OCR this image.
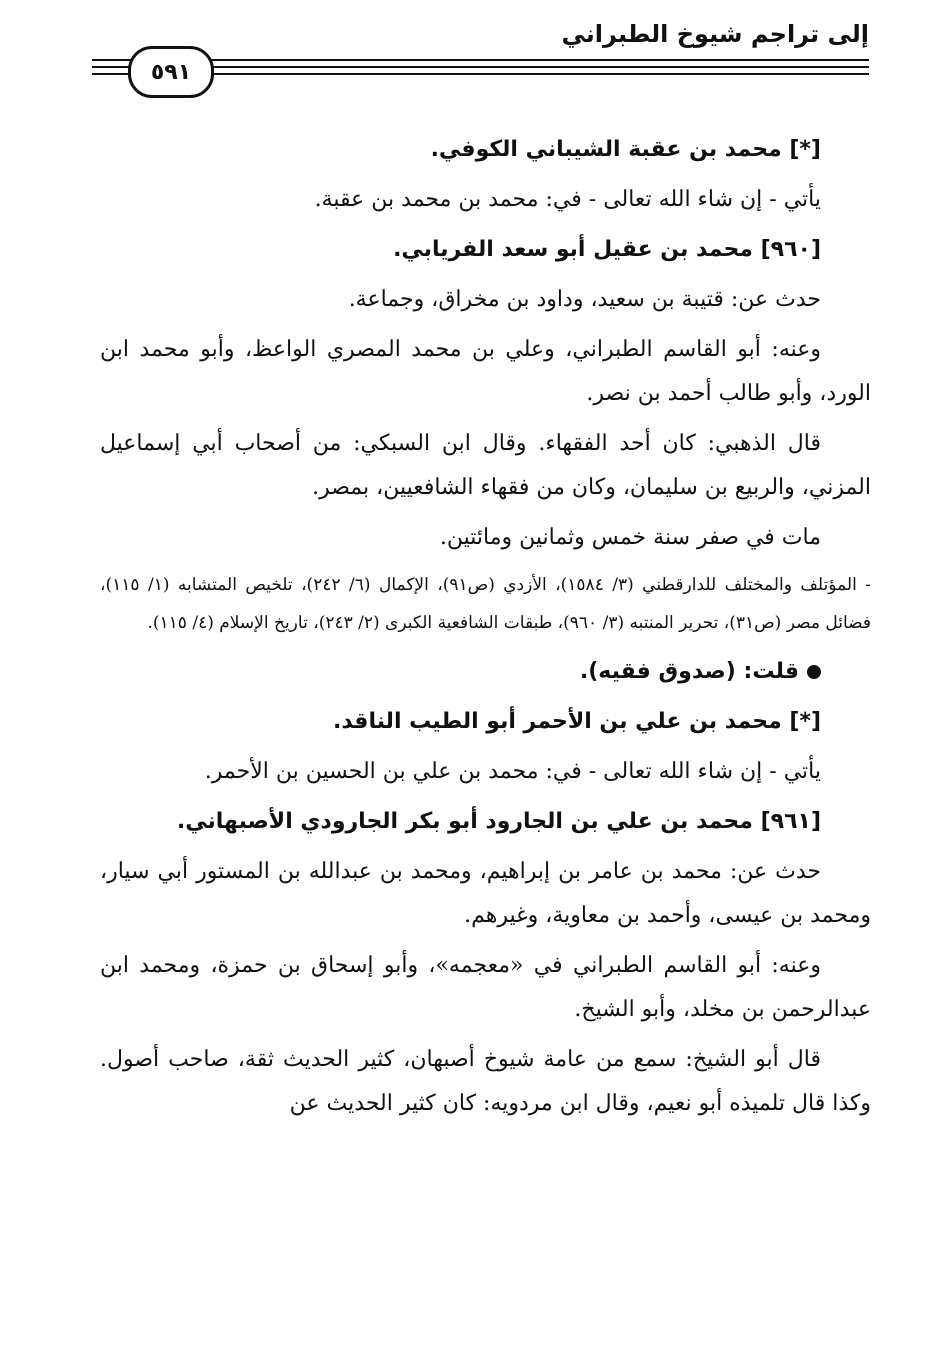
إلى تراجم شيوخ الطبراني
٥٩١

[*] محمد بن عقبة الشيباني الكوفي.

يأتي - إن شاء الله تعالى - في: محمد بن محمد بن عقبة.

[٩٦٠] محمد بن عقيل أبو سعد الفريابي.

حدث عن: قتيبة بن سعيد، وداود بن مخراق، وجماعة.

وعنه: أبو القاسم الطبراني، وعلي بن محمد المصري الواعظ، وأبو محمد ابن الورد، وأبو طالب أحمد بن نصر.

قال الذهبي: كان أحد الفقهاء. وقال ابن السبكي: من أصحاب أبي إسماعيل المزني، والربيع بن سليمان، وكان من فقهاء الشافعيين، بمصر.

مات في صفر سنة خمس وثمانين ومائتين.

- المؤتلف والمختلف للدارقطني (٣/ ١٥٨٤)، الأزدي (ص٩١)، الإكمال (٦/ ٢٤٢)، تلخيص المتشابه (١/ ١١٥)، فضائل مصر (ص٣١)، تحرير المنتبه (٣/ ٩٦٠)، طبقات الشافعية الكبرى (٢/ ٢٤٣)، تاريخ الإسلام (٤/ ١١٥).

قلت: (صدوق فقيه).

[*] محمد بن علي بن الأحمر أبو الطيب الناقد.

يأتي - إن شاء الله تعالى - في: محمد بن علي بن الحسين بن الأحمر.

[٩٦١] محمد بن علي بن الجارود أبو بكر الجارودي الأصبهاني.

حدث عن: محمد بن عامر بن إبراهيم، ومحمد بن عبدالله بن المستور أبي سيار، ومحمد بن عيسى، وأحمد بن معاوية، وغيرهم.

وعنه: أبو القاسم الطبراني في «معجمه»، وأبو إسحاق بن حمزة، ومحمد ابن عبدالرحمن بن مخلد، وأبو الشيخ.

قال أبو الشيخ: سمع من عامة شيوخ أصبهان، كثير الحديث ثقة، صاحب أصول. وكذا قال تلميذه أبو نعيم، وقال ابن مردويه: كان كثير الحديث عن
